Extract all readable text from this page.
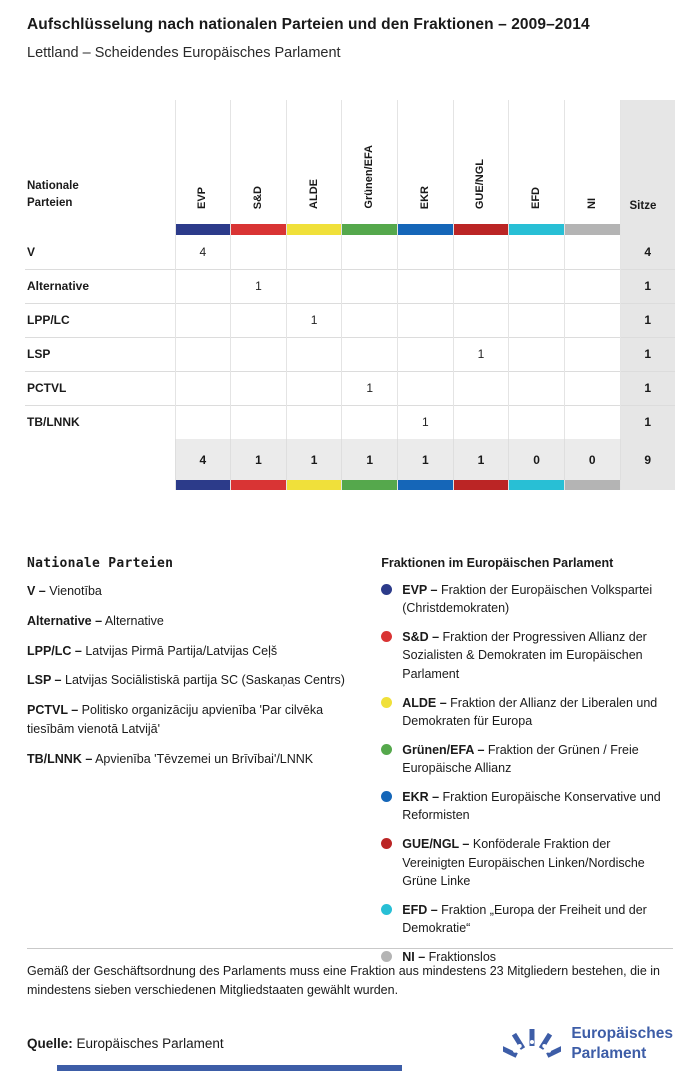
Aufschlüsselung nach nationalen Parteien und den Fraktionen – 2009–2014
Lettland – Scheidendes Europäisches Parlament
Nationale Parteien	EVP	S&D	ALDE	Grünen/EFA	EKR	GUE/NGL	EFD	NI	Sitze

V	4								4
Alternative		1							1
LPP/LC			1						1
LSP						1			1
PCTVL				1					1
TB/LNNK					1				1
	4	1	1	1	1	1	0	0	9

Nationale Parteien
V – Vienotība
Alternative – Alternative
LPP/LC – Latvijas Pirmā Partija/Latvijas Ceļš
LSP – Latvijas Sociālistiskā partija SC (Saskaņas Centrs)
PCTVL – Politisko organizāciju apvienība 'Par cilvēka tiesībām vienotā Latvijā'
TB/LNNK – Apvienība 'Tēvzemei un Brīvībai'/LNNK
Fraktionen im Europäischen Parlament
EVP – Fraktion der Europäischen Volkspartei (Christdemokraten)
S&D – Fraktion der Progressiven Allianz der Sozialisten & Demokraten im Europäischen Parlament
ALDE – Fraktion der Allianz der Liberalen und Demokraten für Europa
Grünen/EFA – Fraktion der Grünen / Freie Europäische Allianz
EKR – Fraktion Europäische Konservative und Reformisten
GUE/NGL – Konföderale Fraktion der Vereinigten Europäischen Linken/Nordische Grüne Linke
EFD – Fraktion „Europa der Freiheit und der Demokratie“
NI – Fraktionslos

Gemäß der Geschäftsordnung des Parlaments muss eine Fraktion aus mindestens 23 Mitgliedern bestehen, die in mindestens sieben verschiedenen Mitgliedstaaten gewählt wurden.

Quelle: Europäisches Parlament
Europäisches
Parlament
